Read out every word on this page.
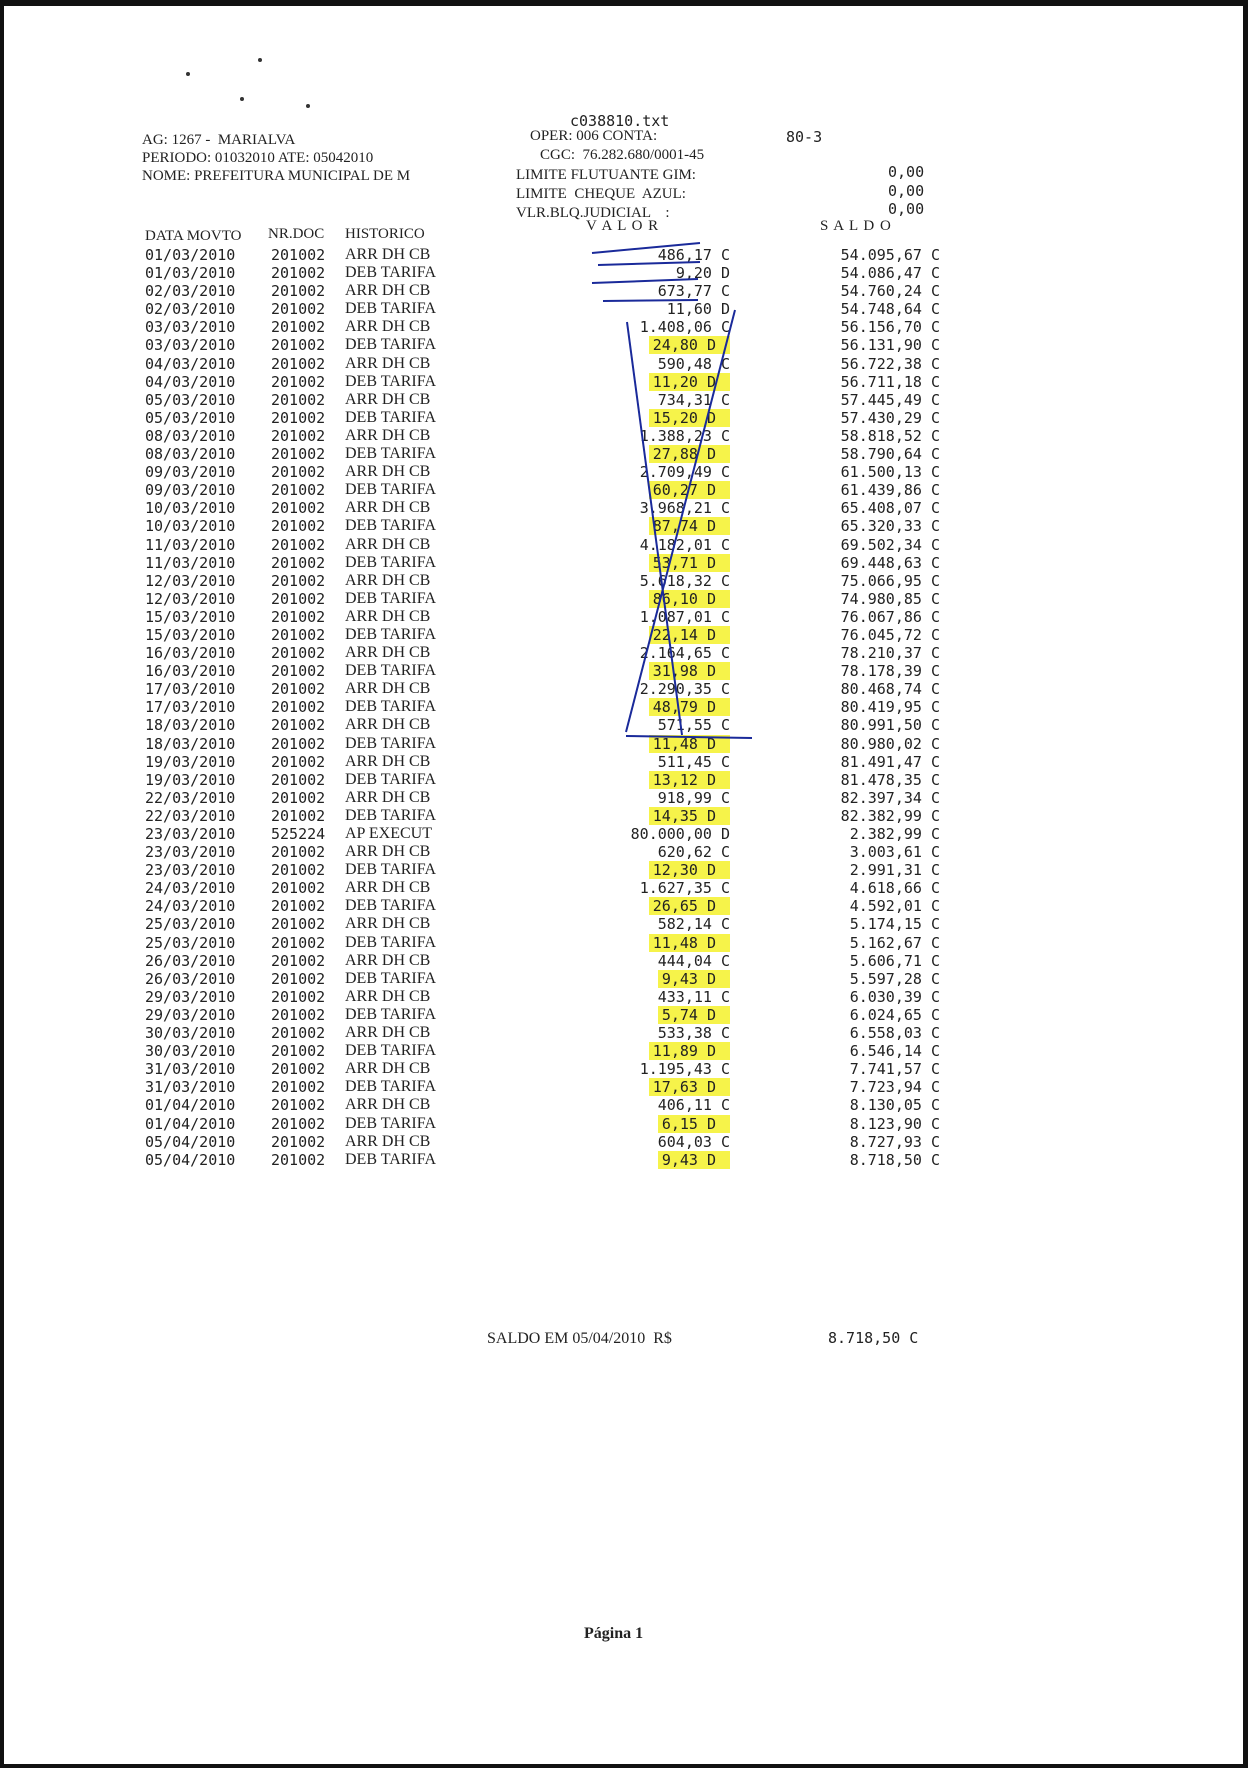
c038810.txt
AG: 1267 -  MARIALVA
PERIODO: 01032010 ATE: 05042010
NOME: PREFEITURA MUNICIPAL DE M
OPER: 006 CONTA:	80-3
CGC:  76.282.680/0001-45
LIMITE FLUTUANTE GIM:	0,00
LIMITE  CHEQUE  AZUL:	0,00
VLR.BLQ.JUDICIAL    :	0,00
DATA MOVTO NR.DOC HISTORICO	V A L O R	S A L D O
01/03/2010 201002 ARR DH CB	486,17 C	54.095,67 C
01/03/2010 201002 DEB TARIFA	9,20 D	54.086,47 C
02/03/2010 201002 ARR DH CB	673,77 C	54.760,24 C
02/03/2010 201002 DEB TARIFA	11,60 D	54.748,64 C
03/03/2010 201002 ARR DH CB	1.408,06 C	56.156,70 C
03/03/2010 201002 DEB TARIFA	24,80 D	56.131,90 C
04/03/2010 201002 ARR DH CB	590,48 C	56.722,38 C
04/03/2010 201002 DEB TARIFA	11,20 D	56.711,18 C
05/03/2010 201002 ARR DH CB	734,31 C	57.445,49 C
05/03/2010 201002 DEB TARIFA	15,20 D	57.430,29 C
08/03/2010 201002 ARR DH CB	1.388,23 C	58.818,52 C
08/03/2010 201002 DEB TARIFA	27,88 D	58.790,64 C
09/03/2010 201002 ARR DH CB	2.709,49 C	61.500,13 C
09/03/2010 201002 DEB TARIFA	60,27 D	61.439,86 C
10/03/2010 201002 ARR DH CB	3.968,21 C	65.408,07 C
10/03/2010 201002 DEB TARIFA	87,74 D	65.320,33 C
11/03/2010 201002 ARR DH CB	4.182,01 C	69.502,34 C
11/03/2010 201002 DEB TARIFA	53,71 D	69.448,63 C
12/03/2010 201002 ARR DH CB	5.618,32 C	75.066,95 C
12/03/2010 201002 DEB TARIFA	86,10 D	74.980,85 C
15/03/2010 201002 ARR DH CB	1.087,01 C	76.067,86 C
15/03/2010 201002 DEB TARIFA	22,14 D	76.045,72 C
16/03/2010 201002 ARR DH CB	2.164,65 C	78.210,37 C
16/03/2010 201002 DEB TARIFA	31,98 D	78.178,39 C
17/03/2010 201002 ARR DH CB	2.290,35 C	80.468,74 C
17/03/2010 201002 DEB TARIFA	48,79 D	80.419,95 C
18/03/2010 201002 ARR DH CB	571,55 C	80.991,50 C
18/03/2010 201002 DEB TARIFA	11,48 D	80.980,02 C
19/03/2010 201002 ARR DH CB	511,45 C	81.491,47 C
19/03/2010 201002 DEB TARIFA	13,12 D	81.478,35 C
22/03/2010 201002 ARR DH CB	918,99 C	82.397,34 C
22/03/2010 201002 DEB TARIFA	14,35 D	82.382,99 C
23/03/2010 525224 AP EXECUT	80.000,00 D	2.382,99 C
23/03/2010 201002 ARR DH CB	620,62 C	3.003,61 C
23/03/2010 201002 DEB TARIFA	12,30 D	2.991,31 C
24/03/2010 201002 ARR DH CB	1.627,35 C	4.618,66 C
24/03/2010 201002 DEB TARIFA	26,65 D	4.592,01 C
25/03/2010 201002 ARR DH CB	582,14 C	5.174,15 C
25/03/2010 201002 DEB TARIFA	11,48 D	5.162,67 C
26/03/2010 201002 ARR DH CB	444,04 C	5.606,71 C
26/03/2010 201002 DEB TARIFA	9,43 D	5.597,28 C
29/03/2010 201002 ARR DH CB	433,11 C	6.030,39 C
29/03/2010 201002 DEB TARIFA	5,74 D	6.024,65 C
30/03/2010 201002 ARR DH CB	533,38 C	6.558,03 C
30/03/2010 201002 DEB TARIFA	11,89 D	6.546,14 C
31/03/2010 201002 ARR DH CB	1.195,43 C	7.741,57 C
31/03/2010 201002 DEB TARIFA	17,63 D	7.723,94 C
01/04/2010 201002 ARR DH CB	406,11 C	8.130,05 C
01/04/2010 201002 DEB TARIFA	6,15 D	8.123,90 C
05/04/2010 201002 ARR DH CB	604,03 C	8.727,93 C
05/04/2010 201002 DEB TARIFA	9,43 D	8.718,50 C
SALDO EM 05/04/2010  R$	8.718,50 C
Página 1
